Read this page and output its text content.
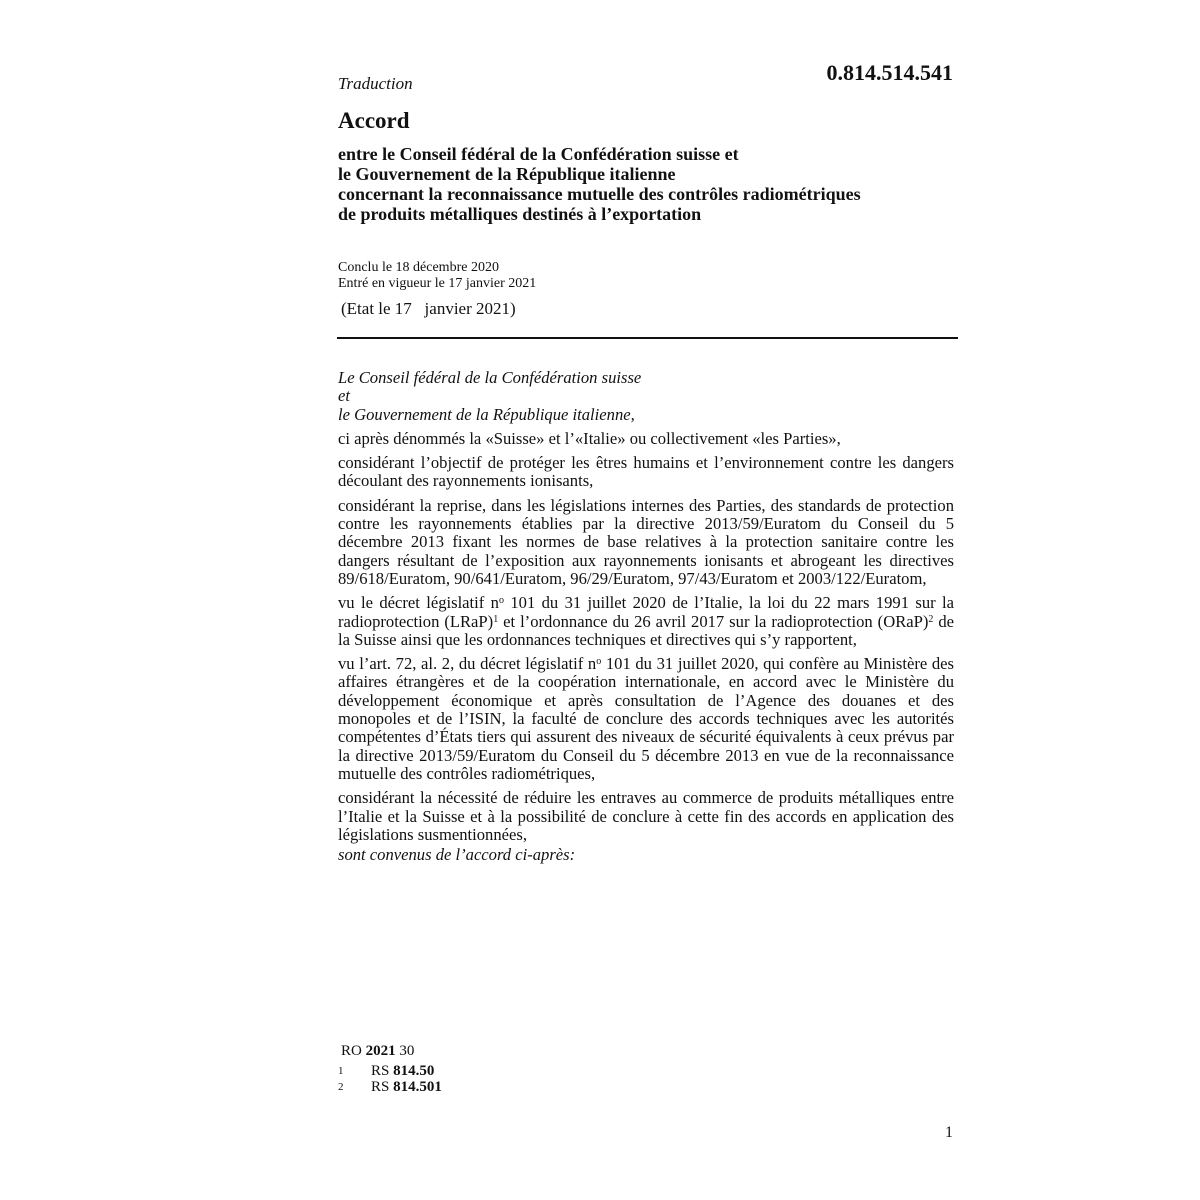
Traduction	0.814.514.541
Accord
entre le Conseil fédéral de la Confédération suisse et
le Gouvernement de la République italienne
concernant la reconnaissance mutuelle des contrôles radiométriques
de produits métalliques destinés à l’exportation
Conclu le 18 décembre 2020
Entré en vigueur le 17 janvier 2021
(Etat le 17   janvier 2021)
Le Conseil fédéral de la Confédération suisse
et

le Gouvernement de la République italienne,

ci après dénommés la «Suisse» et l’«Italie» ou collectivement «les Parties»,

considérant l’objectif de protéger les êtres humains et l’environnement contre les dangers découlant des rayonnements ionisants,

considérant la reprise, dans les législations internes des Parties, des standards de protection contre les rayonnements établies par la directive 2013/59/Euratom du Conseil du 5 décembre 2013 fixant les normes de base relatives à la protection sanitaire contre les dangers résultant de l’exposition aux rayonnements ionisants et abrogeant les directives 89/618/Euratom, 90/641/Euratom, 96/29/Euratom, 97/43/Euratom et 2003/122/Euratom,

vu le décret législatif $n^o$ 101 du 31 juillet 2020 de l’Italie, la loi du 22 mars 1991 sur la radioprotection (LRaP)$^1$ et l’ordonnance du 26 avril 2017 sur la radioprotection (ORaP)$^2$ de la Suisse ainsi que les ordonnances techniques et directives qui s’y rapportent,

vu l’art. 72, al. 2, du décret législatif $n^o$ 101 du 31 juillet 2020, qui confère au Ministère des affaires étrangères et de la coopération internationale, en accord avec le Ministère du développement économique et après consultation de l’Agence des douanes et des monopoles et de l’ISIN, la faculté de conclure des accords techniques avec les autorités compétentes d’États tiers qui assurent des niveaux de sécurité équivalents à ceux prévus par la directive 2013/59/Euratom du Conseil du 5 décembre 2013 en vue de la reconnaissance mutuelle des contrôles radiométriques,

considérant la nécessité de réduire les entraves au commerce de produits métalliques entre l’Italie et la Suisse et à la possibilité de conclure à cette fin des accords en application des législations susmentionnées,

sont convenus de l’accord ci-après:

RO 2021 30
1	RS 814.50
2	RS 814.501
1
